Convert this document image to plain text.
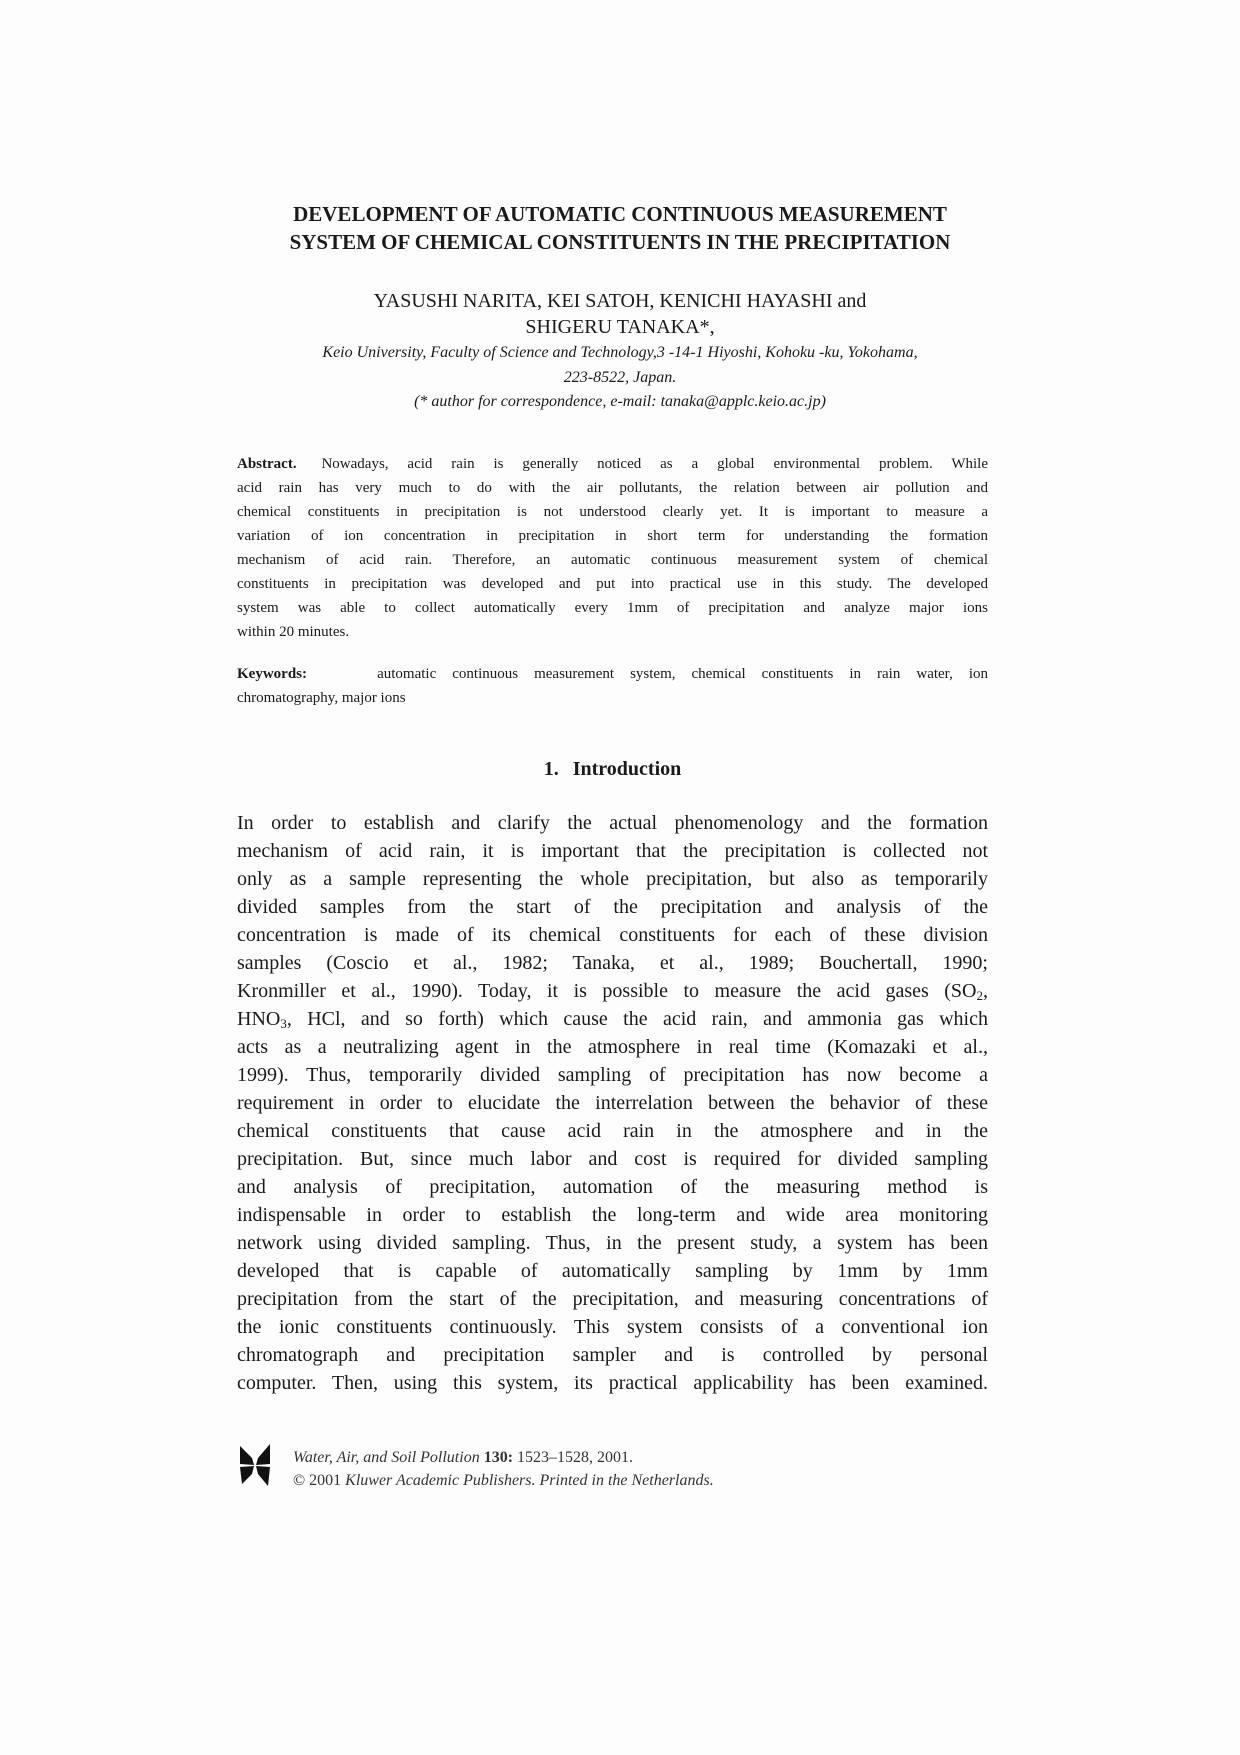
DEVELOPMENT OF AUTOMATIC CONTINUOUS MEASUREMENT
SYSTEM OF CHEMICAL CONSTITUENTS IN THE PRECIPITATION
YASUSHI NARITA, KEI SATOH, KENICHI HAYASHI and
SHIGERU TANAKA*,
Keio University, Faculty of Science and Technology,3 -14-1 Hiyoshi, Kohoku -ku, Yokohama,
223-8522, Japan.
(* author for correspondence, e-mail: tanaka@applc.keio.ac.jp)
Abstract. Nowadays, acid rain is generally noticed as a global environmental problem. While
acid rain has very much to do with the air pollutants, the relation between air pollution and
chemical constituents in precipitation is not understood clearly yet. It is important to measure a
variation of ion concentration in precipitation in short term for understanding the formation
mechanism of acid rain. Therefore, an automatic continuous measurement system of chemical
constituents in precipitation was developed and put into practical use in this study. The developed
system was able to collect automatically every 1mm of precipitation and analyze major ions
within 20 minutes.
Keywords:	automatic continuous measurement system, chemical constituents in rain water, ion
chromatography, major ions
1. Introduction
In order to establish and clarify the actual phenomenology and the formation
mechanism of acid rain, it is important that the precipitation is collected not
only as a sample representing the whole precipitation, but also as temporarily
divided samples from the start of the precipitation and analysis of the
concentration is made of its chemical constituents for each of these division
samples (Coscio et al., 1982; Tanaka, et al., 1989; Bouchertall, 1990;
Kronmiller et al., 1990). Today, it is possible to measure the acid gases ($SO_2$,
$HNO_3$, HCl, and so forth) which cause the acid rain, and ammonia gas which
acts as a neutralizing agent in the atmosphere in real time (Komazaki et al.,
1999). Thus, temporarily divided sampling of precipitation has now become a
requirement in order to elucidate the interrelation between the behavior of these
chemical constituents that cause acid rain in the atmosphere and in the
precipitation. But, since much labor and cost is required for divided sampling
and analysis of precipitation, automation of the measuring method is
indispensable in order to establish the long-term and wide area monitoring
network using divided sampling. Thus, in the present study, a system has been
developed that is capable of automatically sampling by 1mm by 1mm
precipitation from the start of the precipitation, and measuring concentrations of
the ionic constituents continuously. This system consists of a conventional ion
chromatograph and precipitation sampler and is controlled by personal
computer. Then, using this system, its practical applicability has been examined.
Water, Air, and Soil Pollution 130: 1523–1528, 2001.
© 2001 Kluwer Academic Publishers. Printed in the Netherlands.
